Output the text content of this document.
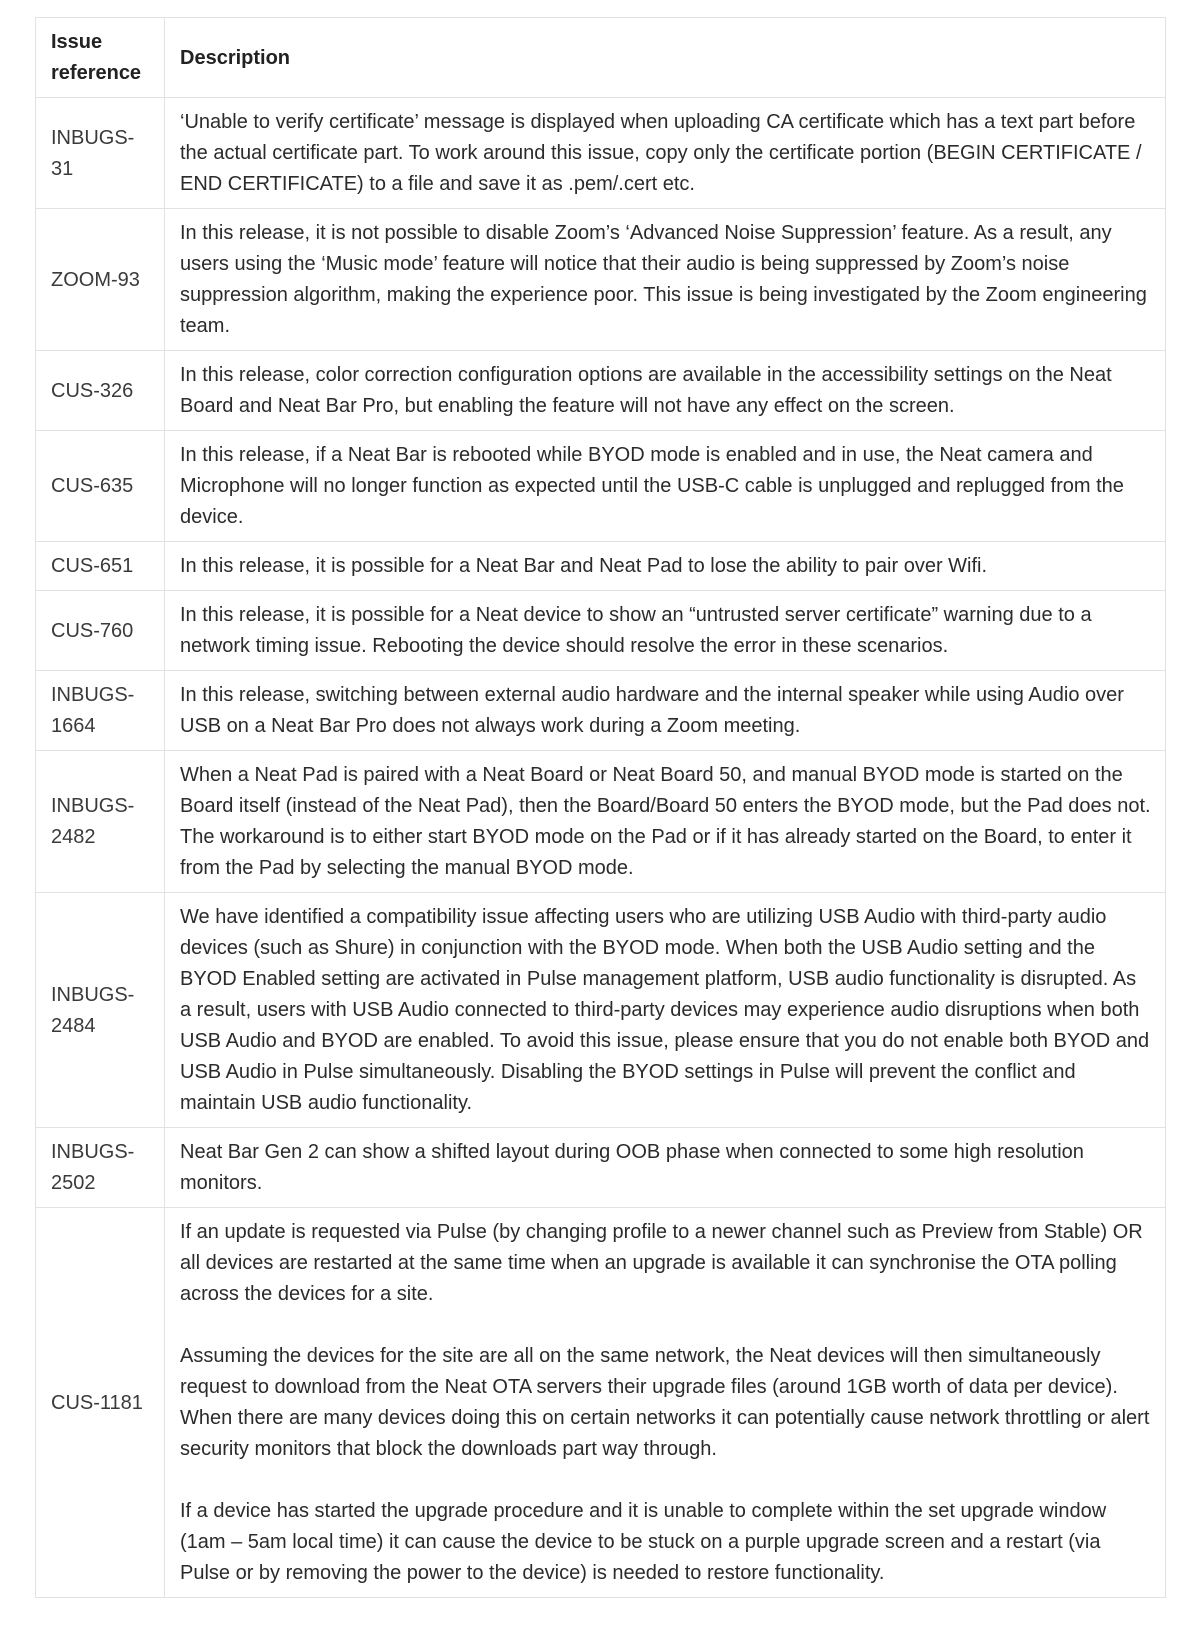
Issue reference	Description
INBUGS-31	‘Unable to verify certificate’ message is displayed when uploading CA certificate which has a text part before the actual certificate part. To work around this issue, copy only the certificate portion (BEGIN CERTIFICATE / END CERTIFICATE) to a file and save it as .pem/.cert etc.

ZOOM-93	In this release, it is not possible to disable Zoom’s ‘Advanced Noise Suppression’ feature. As a result, any users using the ‘Music mode’ feature will notice that their audio is being suppressed by Zoom’s noise suppression algorithm, making the experience poor. This issue is being investigated by the Zoom engineering team.

CUS-326	In this release, color correction configuration options are available in the accessibility settings on the Neat Board and Neat Bar Pro, but enabling the feature will not have any effect on the screen.

CUS-635	In this release, if a Neat Bar is rebooted while BYOD mode is enabled and in use, the Neat camera and Microphone will no longer function as expected until the USB-C cable is unplugged and replugged from the device.

CUS-651	In this release, it is possible for a Neat Bar and Neat Pad to lose the ability to pair over Wifi.

CUS-760	In this release, it is possible for a Neat device to show an “untrusted server certificate” warning due to a network timing issue. Rebooting the device should resolve the error in these scenarios.

INBUGS-1664	In this release, switching between external audio hardware and the internal speaker while using Audio over USB on a Neat Bar Pro does not always work during a Zoom meeting.

INBUGS-2482	When a Neat Pad is paired with a Neat Board or Neat Board 50, and manual BYOD mode is started on the Board itself (instead of the Neat Pad), then the Board/Board 50 enters the BYOD mode, but the Pad does not. The workaround is to either start BYOD mode on the Pad or if it has already started on the Board, to enter it from the Pad by selecting the manual BYOD mode.

INBUGS-2484	We have identified a compatibility issue affecting users who are utilizing USB Audio with third-party audio devices (such as Shure) in conjunction with the BYOD mode. When both the USB Audio setting and the BYOD Enabled setting are activated in Pulse management platform, USB audio functionality is disrupted. As a result, users with USB Audio connected to third-party devices may experience audio disruptions when both USB Audio and BYOD are enabled. To avoid this issue, please ensure that you do not enable both BYOD and USB Audio in Pulse simultaneously. Disabling the BYOD settings in Pulse will prevent the conflict and maintain USB audio functionality.

INBUGS-2502	Neat Bar Gen 2 can show a shifted layout during OOB phase when connected to some high resolution monitors.

CUS-1181	If an update is requested via Pulse (by changing profile to a newer channel such as Preview from Stable) OR all devices are restarted at the same time when an upgrade is available it can synchronise the OTA polling across the devices for a site.

Assuming the devices for the site are all on the same network, the Neat devices will then simultaneously request to download from the Neat OTA servers their upgrade files (around 1GB worth of data per device). When there are many devices doing this on certain networks it can potentially cause network throttling or alert security monitors that block the downloads part way through.

If a device has started the upgrade procedure and it is unable to complete within the set upgrade window (1am – 5am local time) it can cause the device to be stuck on a purple upgrade screen and a restart (via Pulse or by removing the power to the device) is needed to restore functionality.
